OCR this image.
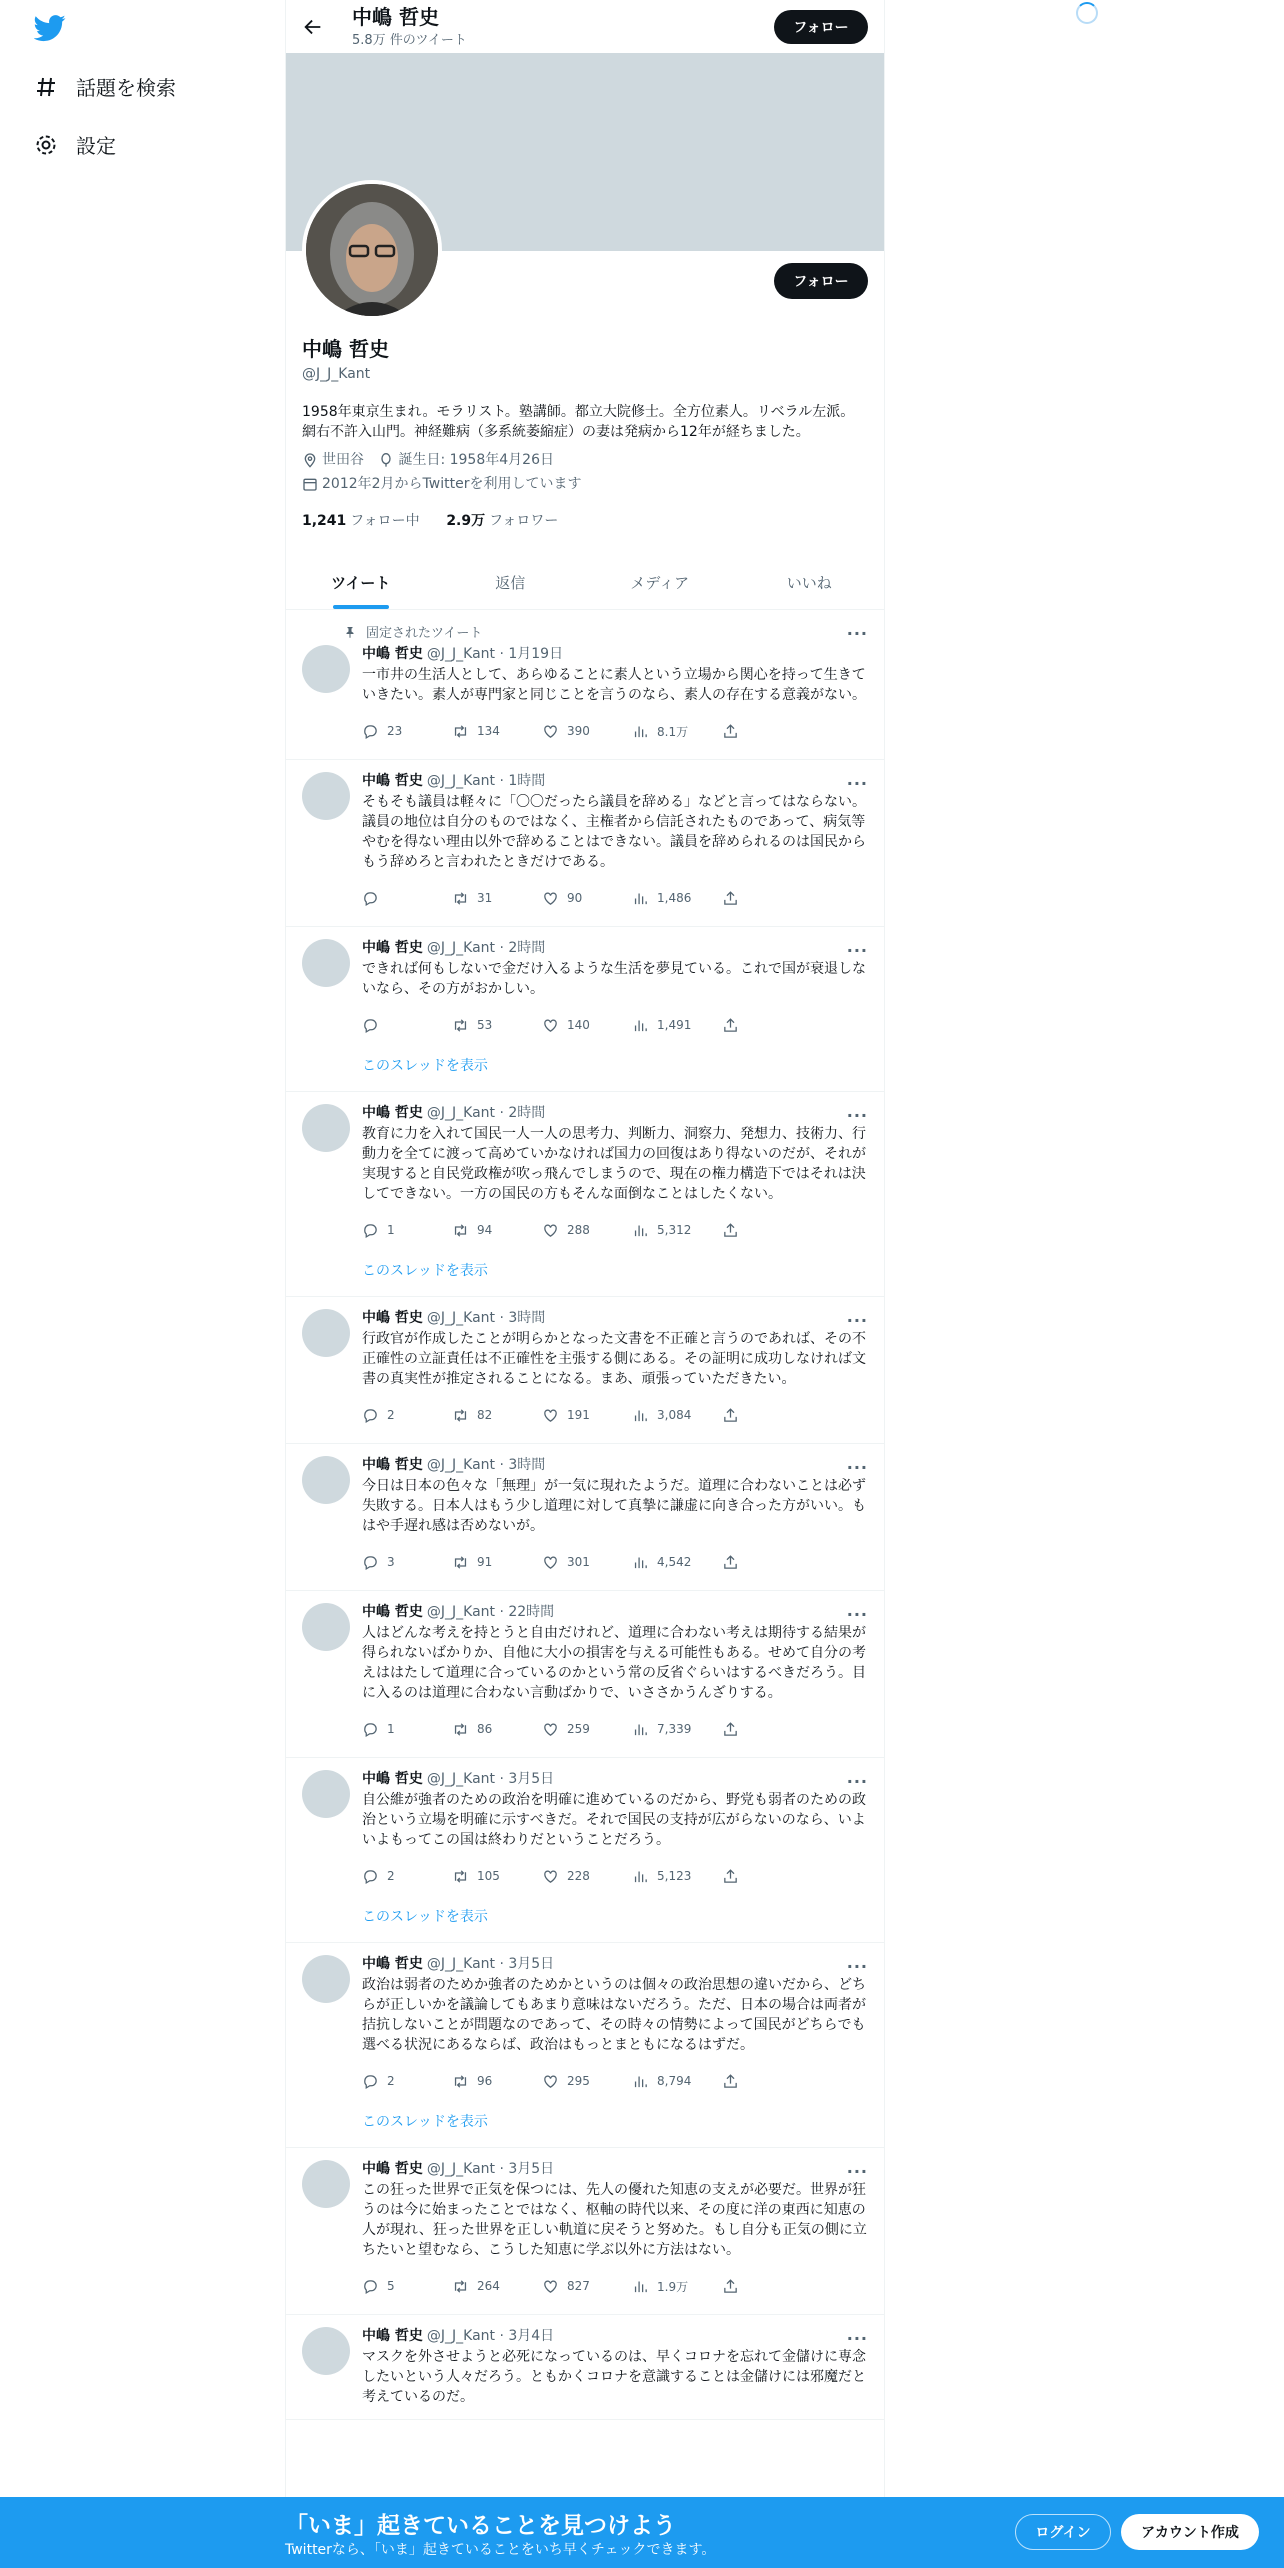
話題を検索
設定
中嶋 哲史
5.8万 件のツイート
フォロー
フォロー
中嶋 哲史
@J_J_Kant
1958年東京生まれ。モラリスト。塾講師。都立大院修士。全方位素人。リベラル左派。網右不許入山門。神経難病（多系統萎縮症）の妻は発病から12年が経ちました。
世田谷
誕生日: 1958年4月26日

2012年2月からTwitterを利用しています
1,241 フォロー中 2.9万 フォロワー
ツイート	返信	メディア	いいね
固定されたツイート	···
中嶋 哲史 @J_J_Kant · 1月19日
一市井の生活人として、あらゆることに素人という立場から関心を持って生きていきたい。素人が専門家と同じことを言うのなら、素人の存在する意義がない。
23	134	390	8.1万
···
中嶋 哲史 @J_J_Kant · 1時間
そもそも議員は軽々に「〇〇だったら議員を辞める」などと言ってはならない。議員の地位は自分のものではなく、主権者から信託されたものであって、病気等やむを得ない理由以外で辞めることはできない。議員を辞められるのは国民からもう辞めろと言われたときだけである。
31	90	1,486
···
中嶋 哲史 @J_J_Kant · 2時間
できれば何もしないで金だけ入るような生活を夢見ている。これで国が衰退しないなら、その方がおかしい。
53	140	1,491
このスレッドを表示
···
中嶋 哲史 @J_J_Kant · 2時間
教育に力を入れて国民一人一人の思考力、判断力、洞察力、発想力、技術力、行動力を全てに渡って高めていかなければ国力の回復はあり得ないのだが、それが実現すると自民党政権が吹っ飛んでしまうので、現在の権力構造下ではそれは決してできない。一方の国民の方もそんな面倒なことはしたくない。
1	94	288	5,312
このスレッドを表示
···
中嶋 哲史 @J_J_Kant · 3時間
行政官が作成したことが明らかとなった文書を不正確と言うのであれば、その不正確性の立証責任は不正確性を主張する側にある。その証明に成功しなければ文書の真実性が推定されることになる。まあ、頑張っていただきたい。
2	82	191	3,084
···
中嶋 哲史 @J_J_Kant · 3時間
今日は日本の色々な「無理」が一気に現れたようだ。道理に合わないことは必ず失敗する。日本人はもう少し道理に対して真摯に謙虚に向き合った方がいい。もはや手遅れ感は否めないが。
3	91	301	4,542
···
中嶋 哲史 @J_J_Kant · 22時間
人はどんな考えを持とうと自由だけれど、道理に合わない考えは期待する結果が得られないばかりか、自他に大小の損害を与える可能性もある。せめて自分の考えははたして道理に合っているのかという常の反省ぐらいはするべきだろう。目に入るのは道理に合わない言動ばかりで、いささかうんざりする。
1	86	259	7,339
···
中嶋 哲史 @J_J_Kant · 3月5日
自公維が強者のための政治を明確に進めているのだから、野党も弱者のための政治という立場を明確に示すべきだ。それで国民の支持が広がらないのなら、いよいよもってこの国は終わりだということだろう。
2	105	228	5,123
このスレッドを表示
···
中嶋 哲史 @J_J_Kant · 3月5日
政治は弱者のためか強者のためかというのは個々の政治思想の違いだから、どちらが正しいかを議論してもあまり意味はないだろう。ただ、日本の場合は両者が拮抗しないことが問題なのであって、その時々の情勢によって国民がどちらでも選べる状況にあるならば、政治はもっとまともになるはずだ。
2	96	295	8,794
このスレッドを表示
···
中嶋 哲史 @J_J_Kant · 3月5日
この狂った世界で正気を保つには、先人の優れた知恵の支えが必要だ。世界が狂うのは今に始まったことではなく、枢軸の時代以来、その度に洋の東西に知恵の人が現れ、狂った世界を正しい軌道に戻そうと努めた。もし自分も正気の側に立ちたいと望むなら、こうした知恵に学ぶ以外に方法はない。
5	264	827	1.9万
···
中嶋 哲史 @J_J_Kant · 3月4日
マスクを外させようと必死になっているのは、早くコロナを忘れて金儲けに専念したいという人々だろう。ともかくコロナを意識することは金儲けには邪魔だと考えているのだ。
「いま」起きていることを見つけよう
Twitterなら、「いま」起きていることをいち早くチェックできます。
ログイン	アカウント作成
